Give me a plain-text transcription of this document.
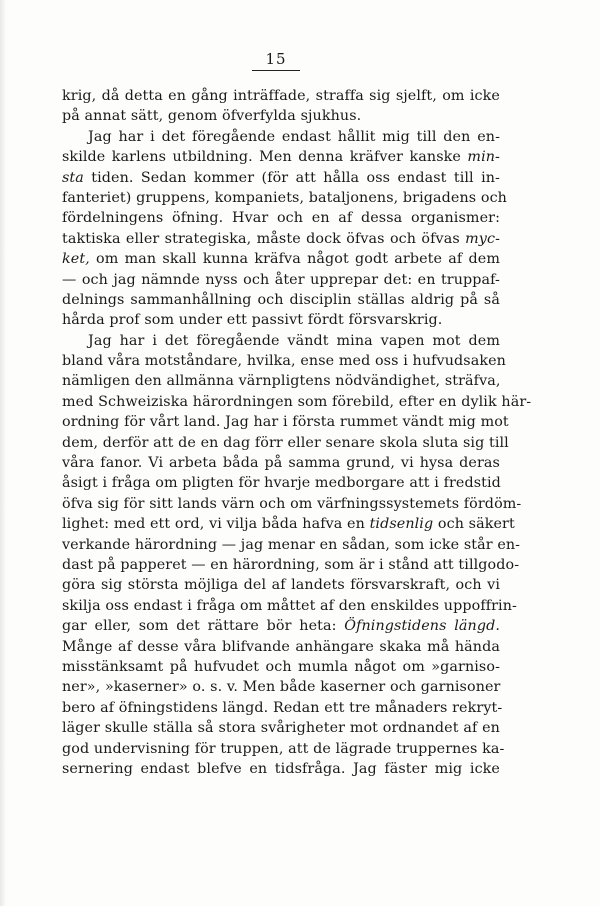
15
krig, då detta en gång inträffade, straffa sig sjelft, om icke
på annat sätt, genom öfverfylda sjukhus.
Jag har i det föregående endast hållit mig till den en-
skilde karlens utbildning. Men denna kräfver kanske min-
sta tiden. Sedan kommer (för att hålla oss endast till in-
fanteriet) gruppens, kompaniets, bataljonens, brigadens och
fördelningens öfning. Hvar och en af dessa organismer:
taktiska eller strategiska, måste dock öfvas och öfvas myc-
ket, om man skall kunna kräfva något godt arbete af dem
— och jag nämnde nyss och åter upprepar det: en truppaf-
delnings sammanhållning och disciplin ställas aldrig på så
hårda prof som under ett passivt fördt försvarskrig.
Jag har i det föregående vändt mina vapen mot dem
bland våra motståndare, hvilka, ense med oss i hufvudsaken
nämligen den allmänna värnpligtens nödvändighet, sträfva,
med Schweiziska härordningen som förebild, efter en dylik här-
ordning för vårt land. Jag har i första rummet vändt mig mot
dem, derför att de en dag förr eller senare skola sluta sig till
våra fanor. Vi arbeta båda på samma grund, vi hysa deras
åsigt i fråga om pligten för hvarje medborgare att i fredstid
öfva sig för sitt lands värn och om värfningssystemets fördöm-
lighet: med ett ord, vi vilja båda hafva en tidsenlig och säkert
verkande härordning — jag menar en sådan, som icke står en-
dast på papperet — en härordning, som är i stånd att tillgodo-
göra sig största möjliga del af landets försvarskraft, och vi
skilja oss endast i fråga om måttet af den enskildes uppoffrin-
gar eller, som det rättare bör heta: Öfningstidens längd.
Månge af desse våra blifvande anhängare skaka må hända
misstänksamt på hufvudet och mumla något om »garniso-
ner», »kaserner» o. s. v. Men både kaserner och garnisoner
bero af öfningstidens längd. Redan ett tre månaders rekryt-
läger skulle ställa så stora svårigheter mot ordnandet af en
god undervisning för truppen, att de lägrade truppernes ka-
sernering endast blefve en tidsfråga. Jag fäster mig icke
